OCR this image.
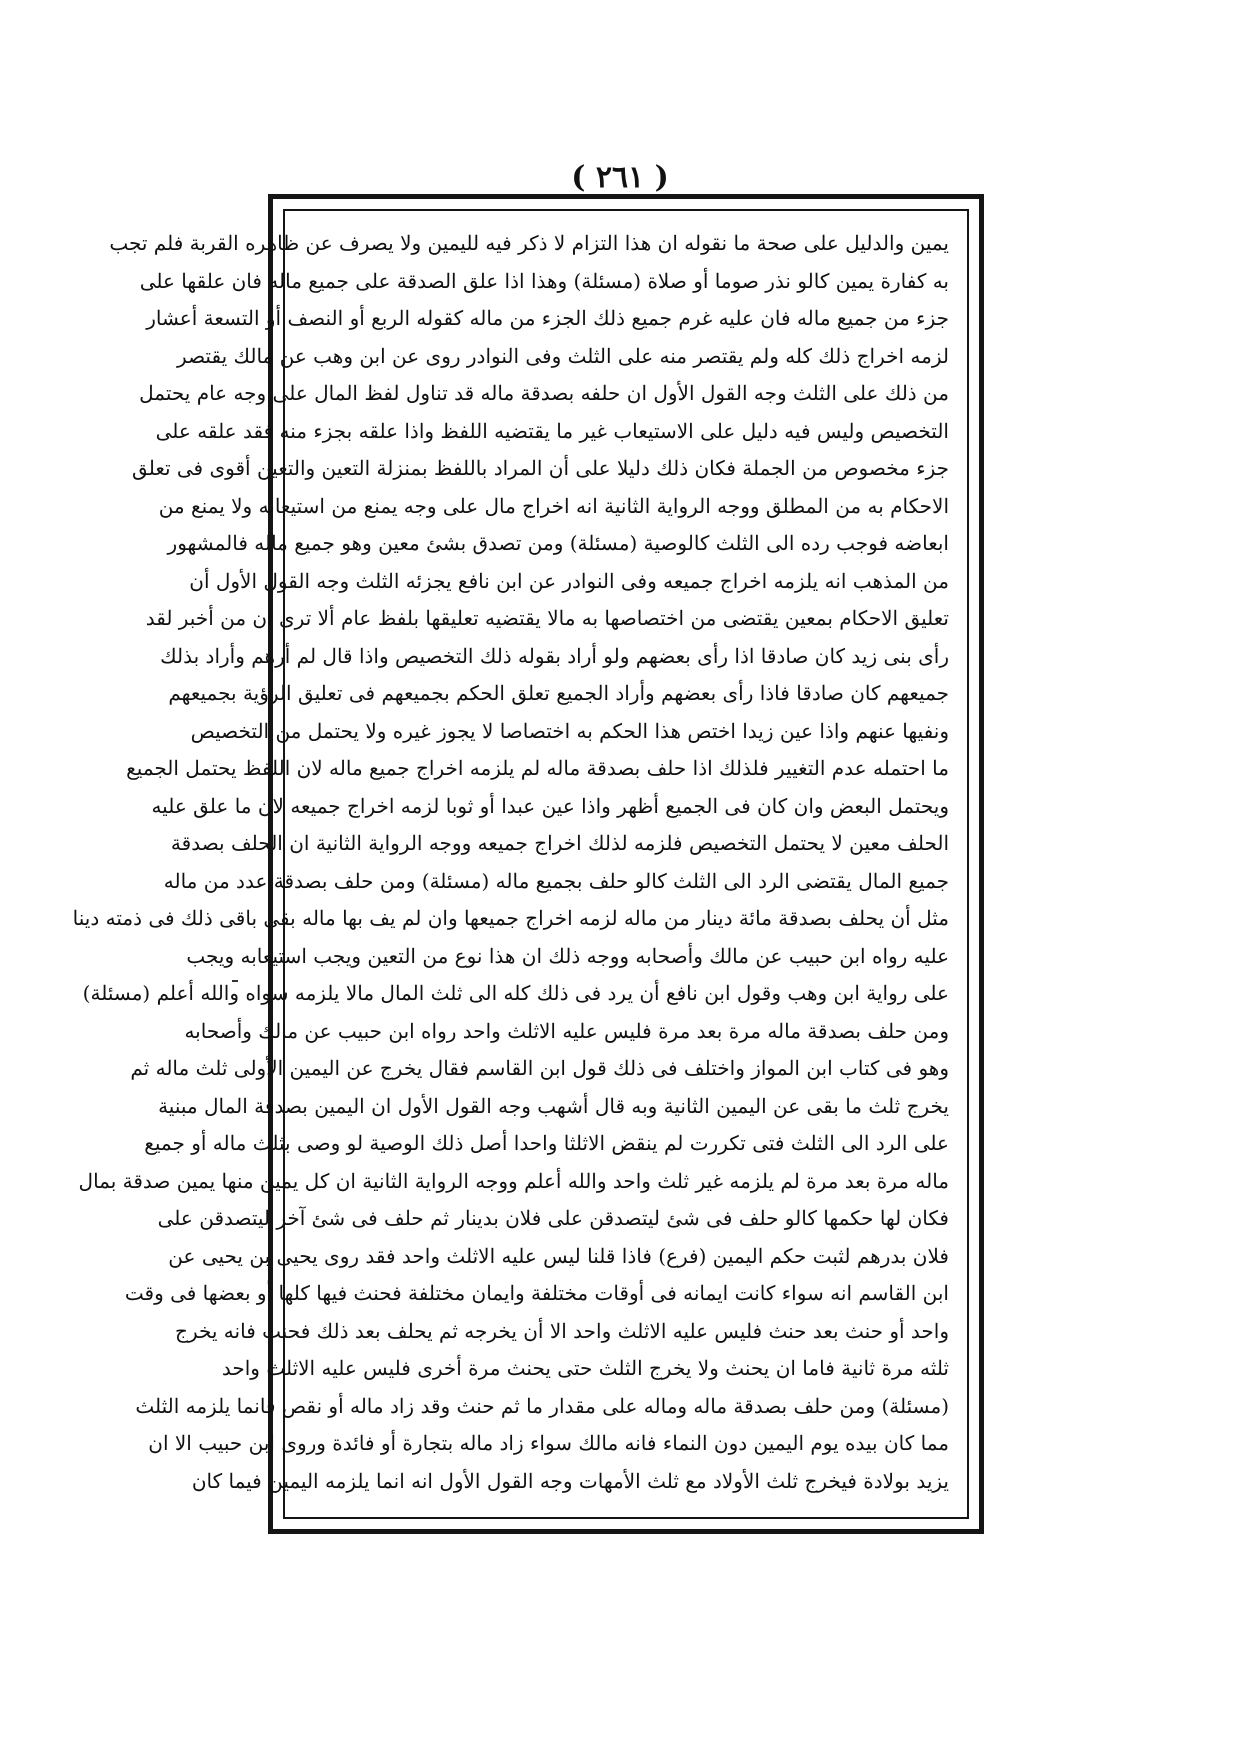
( ٢٦١ )
يمين والدليل على صحة ما نقوله ان هذا التزام لا ذكر فيه لليمين ولا يصرف عن ظاهره القربة فلم تجب
به كفارة يمين كالو نذر صوما أو صلاة (مسئلة) وهذا اذا علق الصدقة على جميع ماله فان علقها على
جزء من جميع ماله فان عليه غرم جميع ذلك الجزء من ماله كقوله الربع أو النصف أو التسعة أعشار
لزمه اخراج ذلك كله ولم يقتصر منه على الثلث وفى النوادر روى عن ابن وهب عن مالك يقتصر
من ذلك على الثلث وجه القول الأول ان حلفه بصدقة ماله قد تناول لفظ المال على وجه عام يحتمل
التخصيص وليس فيه دليل على الاستيعاب غير ما يقتضيه اللفظ واذا علقه بجزء منه فقد علقه على
جزء مخصوص من الجملة فكان ذلك دليلا على أن المراد باللفظ بمنزلة التعين والتعين أقوى فى تعلق
الاحكام به من المطلق ووجه الرواية الثانية انه اخراج مال على وجه يمنع من استيعابه ولا يمنع من
ابعاضه فوجب رده الى الثلث كالوصية (مسئلة) ومن تصدق بشئ معين وهو جميع ماله فالمشهور
من المذهب انه يلزمه اخراج جميعه وفى النوادر عن ابن نافع يجزئه الثلث وجه القول الأول أن
تعليق الاحكام بمعين يقتضى من اختصاصها به مالا يقتضيه تعليقها بلفظ عام ألا ترى ان من أخبر لقد
رأى بنى زيد كان صادقا اذا رأى بعضهم ولو أراد بقوله ذلك التخصيص واذا قال لم أرهم وأراد بذلك
جميعهم كان صادقا فاذا رأى بعضهم وأراد الجميع تعلق الحكم بجميعهم فى تعليق الرؤية بجميعهم
ونفيها عنهم واذا عين زيدا اختص هذا الحكم به اختصاصا لا يجوز غيره ولا يحتمل من التخصيص
ما احتمله عدم التغيير فلذلك اذا حلف بصدقة ماله لم يلزمه اخراج جميع ماله لان اللفظ يحتمل الجميع
ويحتمل البعض وان كان فى الجميع أظهر واذا عين عبدا أو ثوبا لزمه اخراج جميعه لان ما علق عليه
الحلف معين لا يحتمل التخصيص فلزمه لذلك اخراج جميعه ووجه الرواية الثانية ان الحلف بصدقة
جميع المال يقتضى الرد الى الثلث كالو حلف بجميع ماله (مسئلة) ومن حلف بصدقة عدد من ماله
مثل أن يحلف بصدقة مائة دينار من ماله لزمه اخراج جميعها وان لم يف بها ماله بقى باقى ذلك فى ذمته دينا
عليه رواه ابن حبيب عن مالك وأصحابه ووجه ذلك ان هذا نوع من التعين ويجب استيعابه ويجب
على رواية ابن وهب وقول ابن نافع أن يرد فى ذلك كله الى ثلث المال مالا يلزمه سواه والله أعلم (مسئلة)
ومن حلف بصدقة ماله مرة بعد مرة فليس عليه الاثلث واحد رواه ابن حبيب عن مالك وأصحابه
وهو فى كتاب ابن المواز واختلف فى ذلك قول ابن القاسم فقال يخرج عن اليمين الأولى ثلث ماله ثم
يخرج ثلث ما بقى عن اليمين الثانية وبه قال أشهب وجه القول الأول ان اليمين بصدقة المال مبنية
على الرد الى الثلث فتى تكررت لم ينقض الاثلثا واحدا أصل ذلك الوصية لو وصى بثلث ماله أو جميع
ماله مرة بعد مرة لم يلزمه غير ثلث واحد والله أعلم ووجه الرواية الثانية ان كل يمين منها يمين صدقة بمال
فكان لها حكمها كالو حلف فى شئ ليتصدقن على فلان بدينار ثم حلف فى شئ آخر ليتصدقن على
فلان بدرهم لثبت حكم اليمين (فرع) فاذا قلنا ليس عليه الاثلث واحد فقد روى يحيى بن يحيى عن
ابن القاسم انه سواء كانت ايمانه فى أوقات مختلفة وايمان مختلفة فحنث فيها كلها أو بعضها فى وقت
واحد أو حنث بعد حنث فليس عليه الاثلث واحد الا أن يخرجه ثم يحلف بعد ذلك فحنث فانه يخرج
ثلثه مرة ثانية فاما ان يحنث ولا يخرج الثلث حتى يحنث مرة أخرى فليس عليه الاثلث واحد
(مسئلة) ومن حلف بصدقة ماله وماله على مقدار ما ثم حنث وقد زاد ماله أو نقص فانما يلزمه الثلث
مما كان بيده يوم اليمين دون النماء فانه مالك سواء زاد ماله بتجارة أو فائدة وروى ابن حبيب الا ان
يزيد بولادة فيخرج ثلث الأولاد مع ثلث الأمهات وجه القول الأول انه انما يلزمه اليمين فيما كان
